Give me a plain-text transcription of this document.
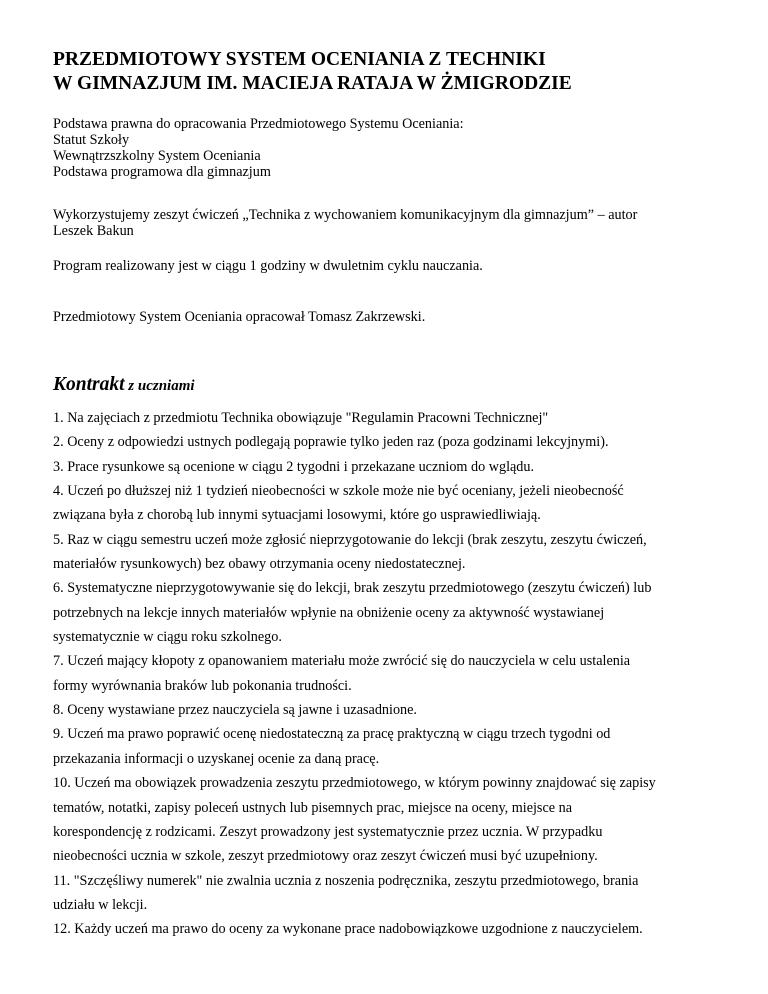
PRZEDMIOTOWY SYSTEM OCENIANIA Z TECHNIKI
W GIMNAZJUM IM. MACIEJA RATAJA W ŻMIGRODZIE
Podstawa prawna do opracowania Przedmiotowego Systemu Oceniania:
Statut Szkoły
Wewnątrzszkolny System Oceniania
Podstawa programowa dla gimnazjum
Wykorzystujemy zeszyt ćwiczeń „Technika z wychowaniem komunikacyjnym dla gimnazjum” – autor
Leszek Bakun
Program realizowany jest w ciągu 1 godziny w dwuletnim cyklu nauczania.
Przedmiotowy System Oceniania opracował Tomasz Zakrzewski.
Kontrakt z uczniami
1. Na zajęciach z przedmiotu Technika obowiązuje "Regulamin Pracowni Technicznej"
2. Oceny z odpowiedzi ustnych podlegają poprawie tylko jeden raz (poza godzinami lekcyjnymi).
3. Prace rysunkowe są ocenione w ciągu 2 tygodni i przekazane uczniom do wglądu.
4. Uczeń po dłuższej niż 1 tydzień nieobecności w szkole może nie być oceniany, jeżeli nieobecność
związana była z chorobą lub innymi sytuacjami losowymi, które go usprawiedliwiają.
5. Raz w ciągu semestru uczeń może zgłosić nieprzygotowanie do lekcji (brak zeszytu, zeszytu ćwiczeń,
materiałów rysunkowych) bez obawy otrzymania oceny niedostatecznej.
6. Systematyczne nieprzygotowywanie się do lekcji, brak zeszytu przedmiotowego (zeszytu ćwiczeń) lub
potrzebnych na lekcje innych materiałów wpłynie na obniżenie oceny za aktywność wystawianej
systematycznie w ciągu roku szkolnego.
7. Uczeń mający kłopoty z opanowaniem materiału może zwrócić się do nauczyciela w celu ustalenia
formy wyrównania braków lub pokonania trudności.
8. Oceny wystawiane przez nauczyciela są jawne i uzasadnione.
9. Uczeń ma prawo poprawić ocenę niedostateczną za pracę praktyczną w ciągu trzech tygodni od
przekazania informacji o uzyskanej ocenie za daną pracę.
10. Uczeń ma obowiązek prowadzenia zeszytu przedmiotowego, w którym powinny znajdować się zapisy
tematów, notatki, zapisy poleceń ustnych lub pisemnych prac, miejsce na oceny, miejsce na
korespondencję z rodzicami. Zeszyt prowadzony jest systematycznie przez ucznia. W przypadku
nieobecności ucznia w szkole, zeszyt przedmiotowy oraz zeszyt ćwiczeń musi być uzupełniony.
11. "Szczęśliwy numerek" nie zwalnia ucznia z noszenia podręcznika, zeszytu przedmiotowego, brania
udziału w lekcji.
12. Każdy uczeń ma prawo do oceny za wykonane prace nadobowiązkowe uzgodnione z nauczycielem.
